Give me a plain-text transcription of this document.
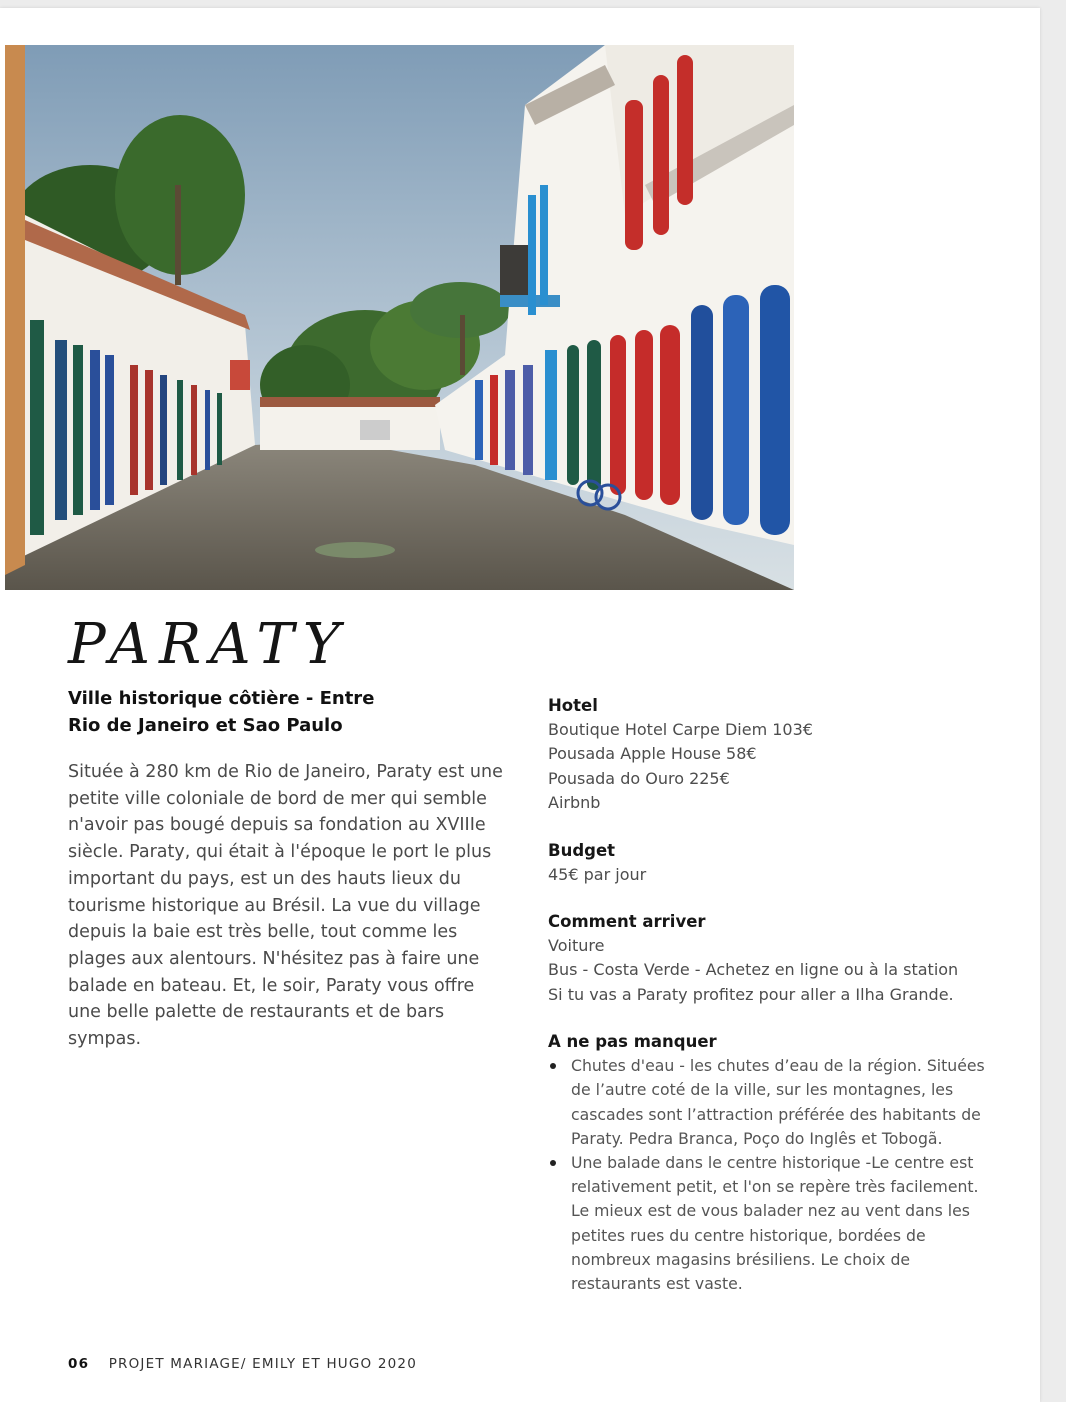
PARATY
Ville historique côtière - Entre
Rio de Janeiro et Sao Paulo
Située à 280 km de Rio de Janeiro, Paraty est une petite ville coloniale de bord de mer qui semble n'avoir pas bougé depuis sa fondation au XVIIIe siècle. Paraty, qui était à l'époque le port le plus important du pays, est un des hauts lieux du tourisme historique au Brésil. La vue du village depuis la baie est très belle, tout comme les plages aux alentours. N'hésitez pas à faire une balade en bateau. Et, le soir, Paraty vous offre une belle palette de restaurants et de bars sympas.
Hotel
Boutique Hotel Carpe Diem 103€
Pousada Apple House 58€
Pousada do Ouro 225€
Airbnb
Budget
45€ par jour
Comment arriver
Voiture
Bus - Costa Verde - Achetez en ligne ou à la station
Si tu vas a Paraty profitez pour aller a Ilha Grande.
A ne pas manquer
Chutes d'eau - les chutes d’eau de la région. Situées de l’autre coté de la ville, sur les montagnes, les cascades sont l’attraction préférée des habitants de Paraty. Pedra Branca, Poço do Inglês et Tobogã.
Une balade dans le centre historique -Le centre est relativement petit, et l'on se repère très facilement. Le mieux est de vous balader nez au vent dans les petites rues du centre historique, bordées de nombreux magasins brésiliens. Le choix de restaurants est vaste.
06 PROJET MARIAGE/ EMILY ET HUGO 2020
